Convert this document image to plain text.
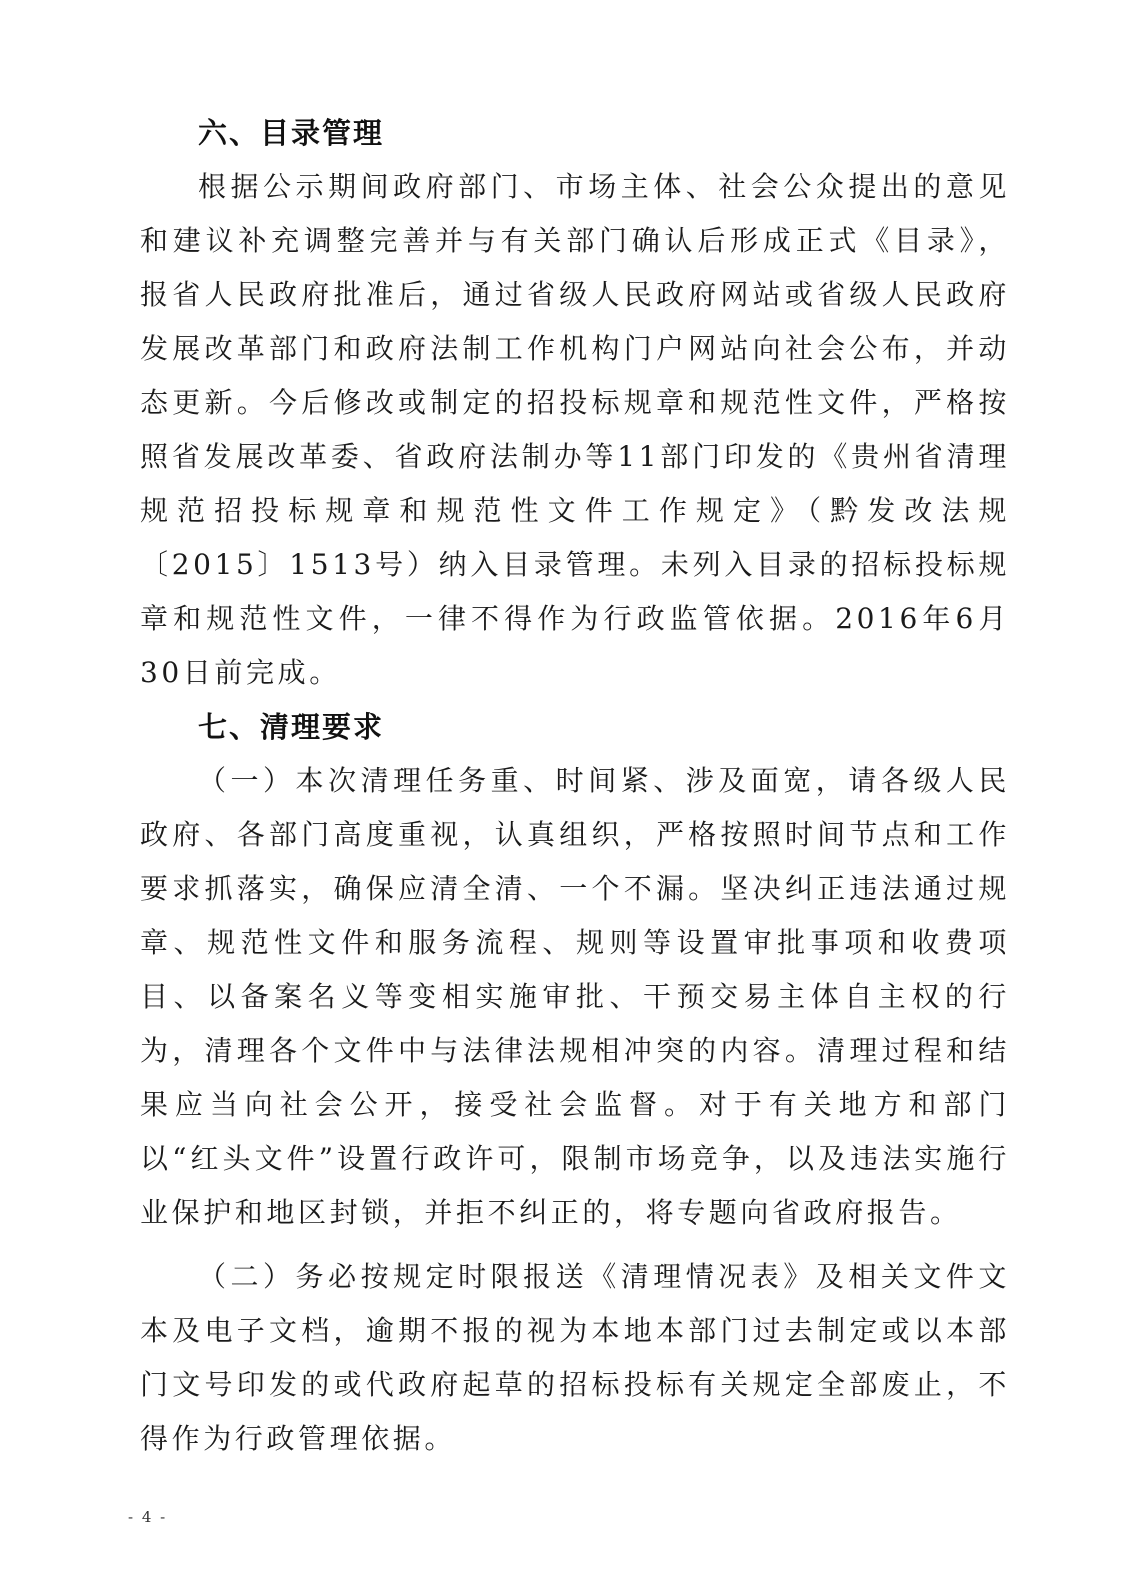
六、目录管理

根据公示期间政府部门、市场主体、社会公众提出的意见和建议补充调整完善并与有关部门确认后形成正式《目录》，报省人民政府批准后，通过省级人民政府网站或省级人民政府发展改革部门和政府法制工作机构门户网站向社会公布，并动态更新。今后修改或制定的招投标规章和规范性文件，严格按照省发展改革委、省政府法制办等11部门印发的《贵州省清理规范招投标规章和规范性文件工作规定》（黔发改法规〔2015〕1513号）纳入目录管理。未列入目录的招标投标规章和规范性文件，一律不得作为行政监管依据。2016年6月30日前完成。

七、清理要求

（一）本次清理任务重、时间紧、涉及面宽，请各级人民政府、各部门高度重视，认真组织，严格按照时间节点和工作要求抓落实，确保应清全清、一个不漏。坚决纠正违法通过规章、规范性文件和服务流程、规则等设置审批事项和收费项目、以备案名义等变相实施审批、干预交易主体自主权的行为，清理各个文件中与法律法规相冲突的内容。清理过程和结果应当向社会公开，接受社会监督。对于有关地方和部门以“红头文件”设置行政许可，限制市场竞争，以及违法实施行业保护和地区封锁，并拒不纠正的，将专题向省政府报告。

（二）务必按规定时限报送《清理情况表》及相关文件文本及电子文档，逾期不报的视为本地本部门过去制定或以本部门文号印发的或代政府起草的招标投标有关规定全部废止，不得作为行政管理依据。

- 4 -
